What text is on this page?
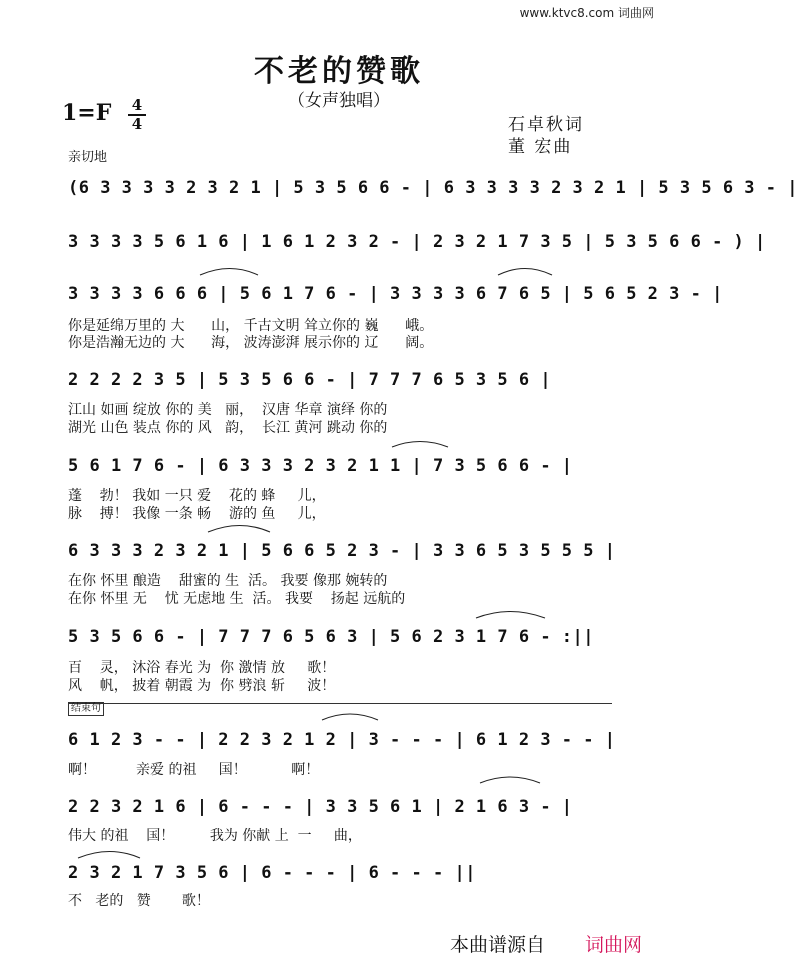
www.ktvc8.com 词曲网
不老的赞歌
（女声独唱）
1=F 4
4	石卓秋词
董 宏曲
亲切地
(6 3 3 3 3 2 3 2 1 | 5 3 5 6 6 - | 6 3 3 3 3 2 3 2 1 | 5 3 5 6 3 - |
3 3 3 3 5 6 1 6 | 1 6 1 2 3 2 - | 2 3 2 1 7 3 5 | 5 3 5 6 6 - ) |
3 3 3 3 6 6 6 | 5 6 1 7 6 - | 3 3 3 3 6 7 6 5 | 5 6 5 2 3 - |
2 2 2 2 3 5 | 5 3 5 6 6 - | 7 7 7 6 5 3 5 6 |
5 6 1 7 6 - | 6 3 3 3 2 3 2 1 1 | 7 3 5 6 6 - |
6 3 3 3 2 3 2 1 | 5 6 6 5 2 3 - | 3 3 6 5 3 5 5 5 |
5 3 5 6 6 - | 7 7 7 6 5 6 3 | 5 6 2 3 1 7 6 - :||
6 1 2 3 - - | 2 2 3 2 1 2 | 3 - - - | 6 1 2 3 - - |
2 2 3 2 1 6 | 6 - - - | 3 3 5 6 1 | 2 1 6 3 - |
2 3 2 1 7 3 5 6 | 6 - - - | 6 - - - ||
你是延绵万里的 大      山， 千古文明 耸立你的 巍      峨。
你是浩瀚无边的 大      海， 波涛澎湃 展示你的 辽      阔。
江山 如画 绽放 你的 美   丽，  汉唐 华章 演绎 你的
湖光 山色 装点 你的 风   韵，  长江 黄河 跳动 你的
蓬    勃！ 我如 一只 爱    花的 蜂     儿，
脉    搏！ 我像 一条 畅    游的 鱼     儿，
在你 怀里 酿造    甜蜜的 生  活。 我要 像那 婉转的
在你 怀里 无    忧 无虑地 生  活。 我要    扬起 远航的
百    灵， 沐浴 春光 为  你 激情 放     歌！
风    帆， 披着 朝霞 为  你 劈浪 斩     波！
结束句
啊！         亲爱 的祖     国！          啊！
伟大 的祖    国！        我为 你献 上  一     曲，
不   老的   赞       歌！
本曲谱源自 词曲网
